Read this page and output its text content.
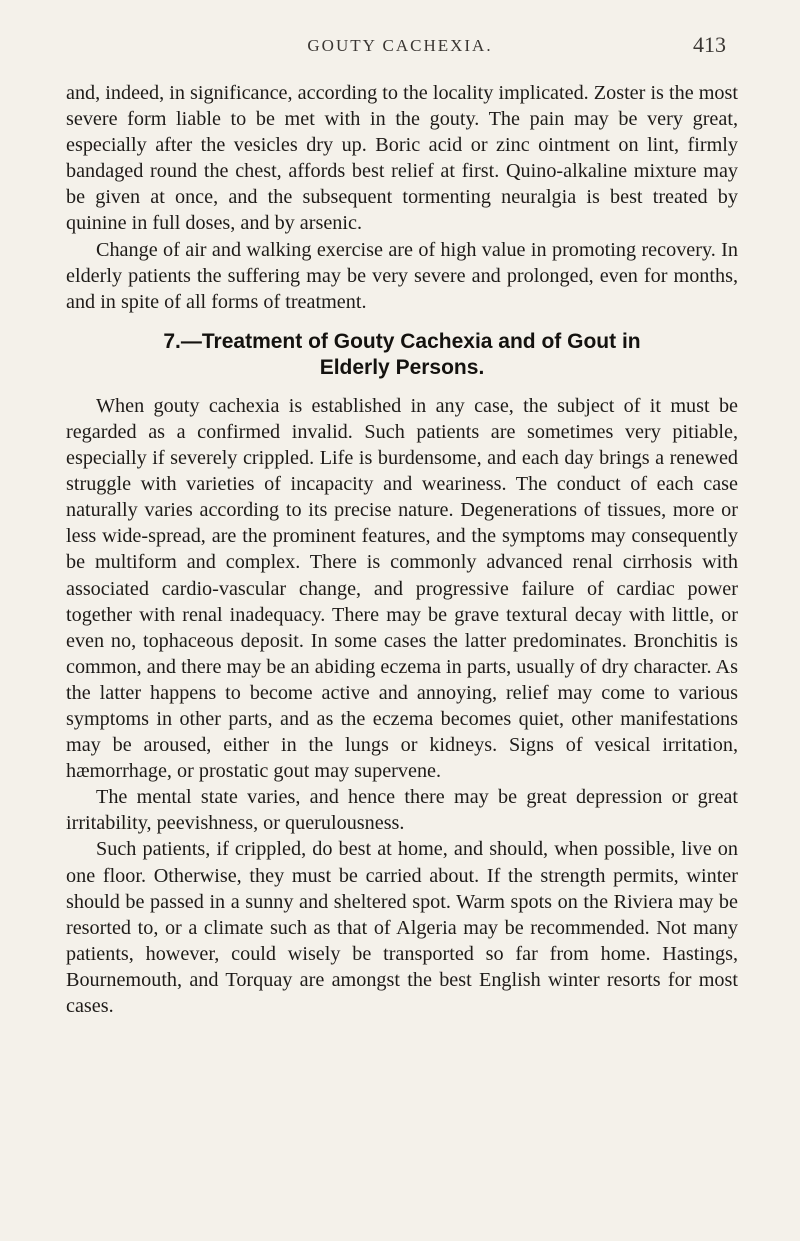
GOUTY CACHEXIA.	413

and, indeed, in significance, according to the locality implicated. Zoster is the most severe form liable to be met with in the gouty. The pain may be very great, especially after the vesicles dry up. Boric acid or zinc ointment on lint, firmly bandaged round the chest, affords best relief at first. Quino-alkaline mixture may be given at once, and the subsequent tormenting neuralgia is best treated by quinine in full doses, and by arsenic.

Change of air and walking exercise are of high value in promoting recovery. In elderly patients the suffering may be very severe and prolonged, even for months, and in spite of all forms of treatment.

7.—Treatment of Gouty Cachexia and of Gout in
Elderly Persons.

When gouty cachexia is established in any case, the subject of it must be regarded as a confirmed invalid. Such patients are sometimes very pitiable, especially if severely crippled. Life is burdensome, and each day brings a renewed struggle with varieties of incapacity and weariness. The conduct of each case naturally varies according to its precise nature. Degenerations of tissues, more or less wide-spread, are the prominent features, and the symptoms may consequently be multiform and complex. There is commonly advanced renal cirrhosis with associated cardio-vascular change, and progressive failure of cardiac power together with renal inadequacy. There may be grave textural decay with little, or even no, tophaceous deposit. In some cases the latter predominates. Bronchitis is common, and there may be an abiding eczema in parts, usually of dry character. As the latter happens to become active and annoying, relief may come to various symptoms in other parts, and as the eczema becomes quiet, other manifestations may be aroused, either in the lungs or kidneys. Signs of vesical irritation, hæmorrhage, or prostatic gout may supervene.

The mental state varies, and hence there may be great depression or great irritability, peevishness, or querulousness.

Such patients, if crippled, do best at home, and should, when possible, live on one floor. Otherwise, they must be carried about. If the strength permits, winter should be passed in a sunny and sheltered spot. Warm spots on the Riviera may be resorted to, or a climate such as that of Algeria may be recommended. Not many patients, however, could wisely be transported so far from home. Hastings, Bournemouth, and Torquay are amongst the best English winter resorts for most cases.
